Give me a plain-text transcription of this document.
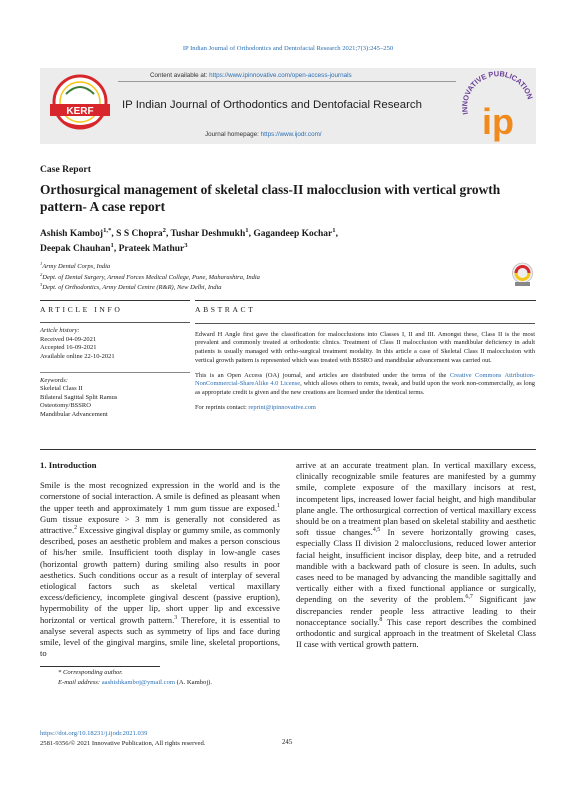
IP Indian Journal of Orthodontics and Dentofacial Research 2021;7(3):245–250
KERF
Content available at: https://www.ipinnovative.com/open-access-journals
IP Indian Journal of Orthodontics and Dentofacial Research
Journal homepage: https://www.ijodr.com/
INNOVATIVE PUBLICATION
ip
Case Report
Orthosurgical management of skeletal class-II malocclusion with vertical growth pattern- A case report
Ashish Kamboj$^{1,*}$, S S Chopra$^2$, Tushar Deshmukh$^1$, Gagandeep Kochar$^1$,
Deepak Chauhan$^1$, Prateek Mathur$^3$
$^1$Army Dental Corps, India
$^2$Dept. of Dental Surgery, Armed Forces Medical College, Pune, Maharashtra, India
$^3$Dept. of Orthodontics, Army Dental Centre (R&R), New Delhi, India
ARTICLE INFO
Article history:
Received 04-09-2021
Accepted 16-09-2021
Available online 22-10-2021
Keywords:
Skeletal Class II
Bilateral Sagittal Split Ramus
Osteotomy/BSSRO
Mandibular Advancement
ABSTRACT
Edward H Angle first gave the classification for malocclusions into Classes I, II and III. Amongst these, Class II is the most prevalent and commonly treated at orthodontic clinics. Treatment of Class II malocclusion with mandibular deficiency in adult patients is usually managed with ortho-surgical treatment modality. In this article a case of Skeletal Class II malocclusion with vertical growth pattern is represented which was treated with BSSRO and mandibular advancement was carried out.
This is an Open Access (OA) journal, and articles are distributed under the terms of the Creative Commons Attribution-NonCommercial-ShareAlike 4.0 License, which allows others to remix, tweak, and build upon the work non-commercially, as long as appropriate credit is given and the new creations are licensed under the identical terms.
For reprints contact: reprint@ipinnovative.com
1. Introduction

Smile is the most recognized expression in the world and is the cornerstone of social interaction. A smile is defined as pleasant when the upper teeth and approximately 1 mm gum tissue are exposed.$^1$ Gum tissue exposure > 3 mm is generally not considered as attractive.$^2$ Excessive gingival display or gummy smile, as commonly described, poses an aesthetic problem and makes a person conscious of his/her smile. Insufficient tooth display in low-angle cases (horizontal growth pattern) during smiling also results in poor aesthetics. Such conditions occur as a result of interplay of several etiological factors such as skeletal vertical maxillary excess/deficiency, incomplete gingival descent (passive eruption), hypermobility of the upper lip, short upper lip and excessive horizontal or vertical growth pattern.$^3$ Therefore, it is essential to analyse several aspects such as symmetry of lips and face during smile, level of the gingival margins, smile line, skeletal proportions, to

arrive at an accurate treatment plan. In vertical maxillary excess, clinically recognizable smile features are manifested by a gummy smile, complete exposure of the maxillary incisors at rest, incompetent lips, increased lower facial height, and high mandibular plane angle. The orthosurgical correction of vertical maxillary excess should be on a treatment plan based on skeletal stability and aesthetic soft tissue changes.$^{4,5}$ In severe horizontally growing cases, especially Class II division 2 malocclusions, reduced lower anterior facial height, insufficient incisor display, deep bite, and a retruded mandible with a backward path of closure is seen. In adults, such cases need to be managed by advancing the mandible sagittally and vertically either with a fixed functional appliance or surgically, depending on the severity of the problem.$^{6,7}$ Significant jaw discrepancies render people less attractive leading to their nonacceptance socially.$^8$ This case report describes the combined orthodontic and surgical approach in the treatment of Skeletal Class II case with vertical growth pattern.

* Corresponding author.
E-mail address: aashishkamboj@ymail.com (A. Kamboj).
https://doi.org/10.18231/j.ijodr.2021.039
2581-9356/© 2021 Innovative Publication, All rights reserved.	245
